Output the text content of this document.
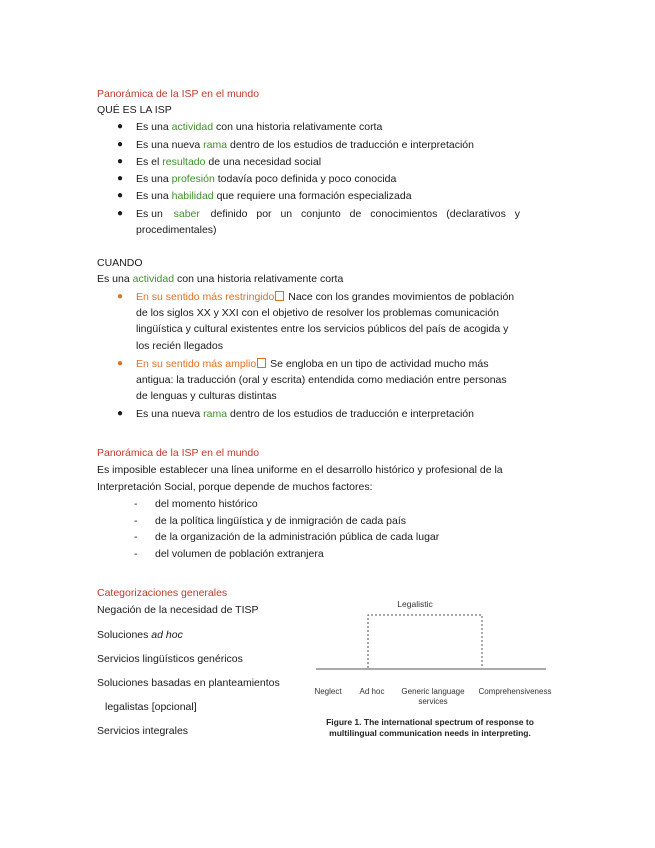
Panorámica de la ISP en el mundo
QUÉ ES LA ISP
● Es una actividad con una historia relativamente corta
● Es una nueva rama dentro de los estudios de traducción e interpretación
● Es el resultado de una necesidad social
● Es una profesión todavía poco definida y poco conocida
● Es una habilidad que requiere una formación especializada
● Es un saber definido por un conjunto de conocimientos (declarativos y
procedimentales)
CUANDO
Es una actividad con una historia relativamente corta
● En su sentido más restringido Nace con los grandes movimientos de población
de los siglos XX y XXI con el objetivo de resolver los problemas comunicación
lingüística y cultural existentes entre los servicios públicos del país de acogida y
los recién llegados
● En su sentido más amplio Se engloba en un tipo de actividad mucho más
antigua: la traducción (oral y escrita) entendida como mediación entre personas
de lenguas y culturas distintas
● Es una nueva rama dentro de los estudios de traducción e interpretación
Panorámica de la ISP en el mundo
Es imposible establecer una línea uniforme en el desarrollo histórico y profesional de la
Interpretación Social, porque depende de muchos factores:
- del momento histórico
- de la política lingüística y de inmigración de cada país
- de la organización de la administración pública de cada lugar
- del volumen de población extranjera
Categorizaciones generales
Negación de la necesidad de TISP
Soluciones ad hoc
Servicios lingüísticos genéricos
Soluciones basadas en planteamientos
legalistas [opcional]
Servicios integrales
Legalistic
Neglect Ad hoc Generic language
services
Comprehensiveness
Figure 1. The international spectrum of response to
multilingual communication needs in interpreting.
